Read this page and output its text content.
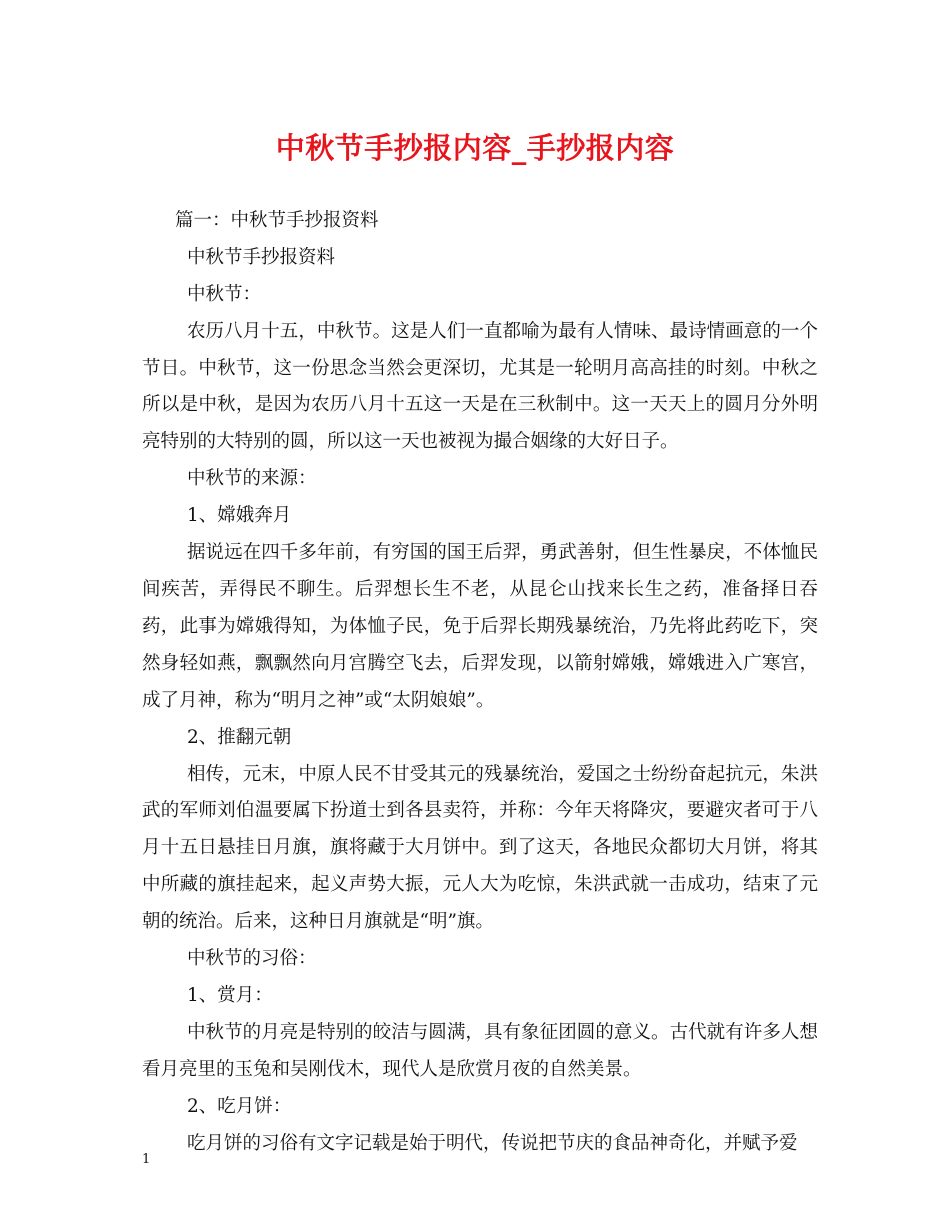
中秋节手抄报内容_手抄报内容
篇一：中秋节手抄报资料
中秋节手抄报资料
中秋节：

农历八月十五，中秋节。这是人们一直都喻为最有人情味、最诗情画意的一个节日。中秋节，这一份思念当然会更深切，尤其是一轮明月高高挂的时刻。中秋之所以是中秋，是因为农历八月十五这一天是在三秋制中。这一天天上的圆月分外明亮特别的大特别的圆，所以这一天也被视为撮合姻缘的大好日子。

中秋节的来源：
1、嫦娥奔月

据说远在四千多年前，有穷国的国王后羿，勇武善射，但生性暴戾，不体恤民间疾苦，弄得民不聊生。后羿想长生不老，从昆仑山找来长生之药，准备择日吞药，此事为嫦娥得知，为体恤子民，免于后羿长期残暴统治，乃先将此药吃下，突然身轻如燕，飘飘然向月宫腾空飞去，后羿发现，以箭射嫦娥，嫦娥进入广寒宫，成了月神，称为“明月之神”或“太阴娘娘”。

2、推翻元朝

相传，元末，中原人民不甘受其元的残暴统治，爱国之士纷纷奋起抗元，朱洪武的军师刘伯温要属下扮道士到各县卖符，并称：今年天将降灾，要避灾者可于八月十五日悬挂日月旗，旗将藏于大月饼中。到了这天，各地民众都切大月饼，将其中所藏的旗挂起来，起义声势大振，元人大为吃惊，朱洪武就一击成功，结束了元朝的统治。后来，这种日月旗就是“明”旗。

中秋节的习俗：
1、赏月：

中秋节的月亮是特别的皎洁与圆满，具有象征团圆的意义。古代就有许多人想看月亮里的玉兔和吴刚伐木，现代人是欣赏月夜的自然美景。

2、吃月饼：

吃月饼的习俗有文字记载是始于明代，传说把节庆的食品神奇化，并赋予爱

1
